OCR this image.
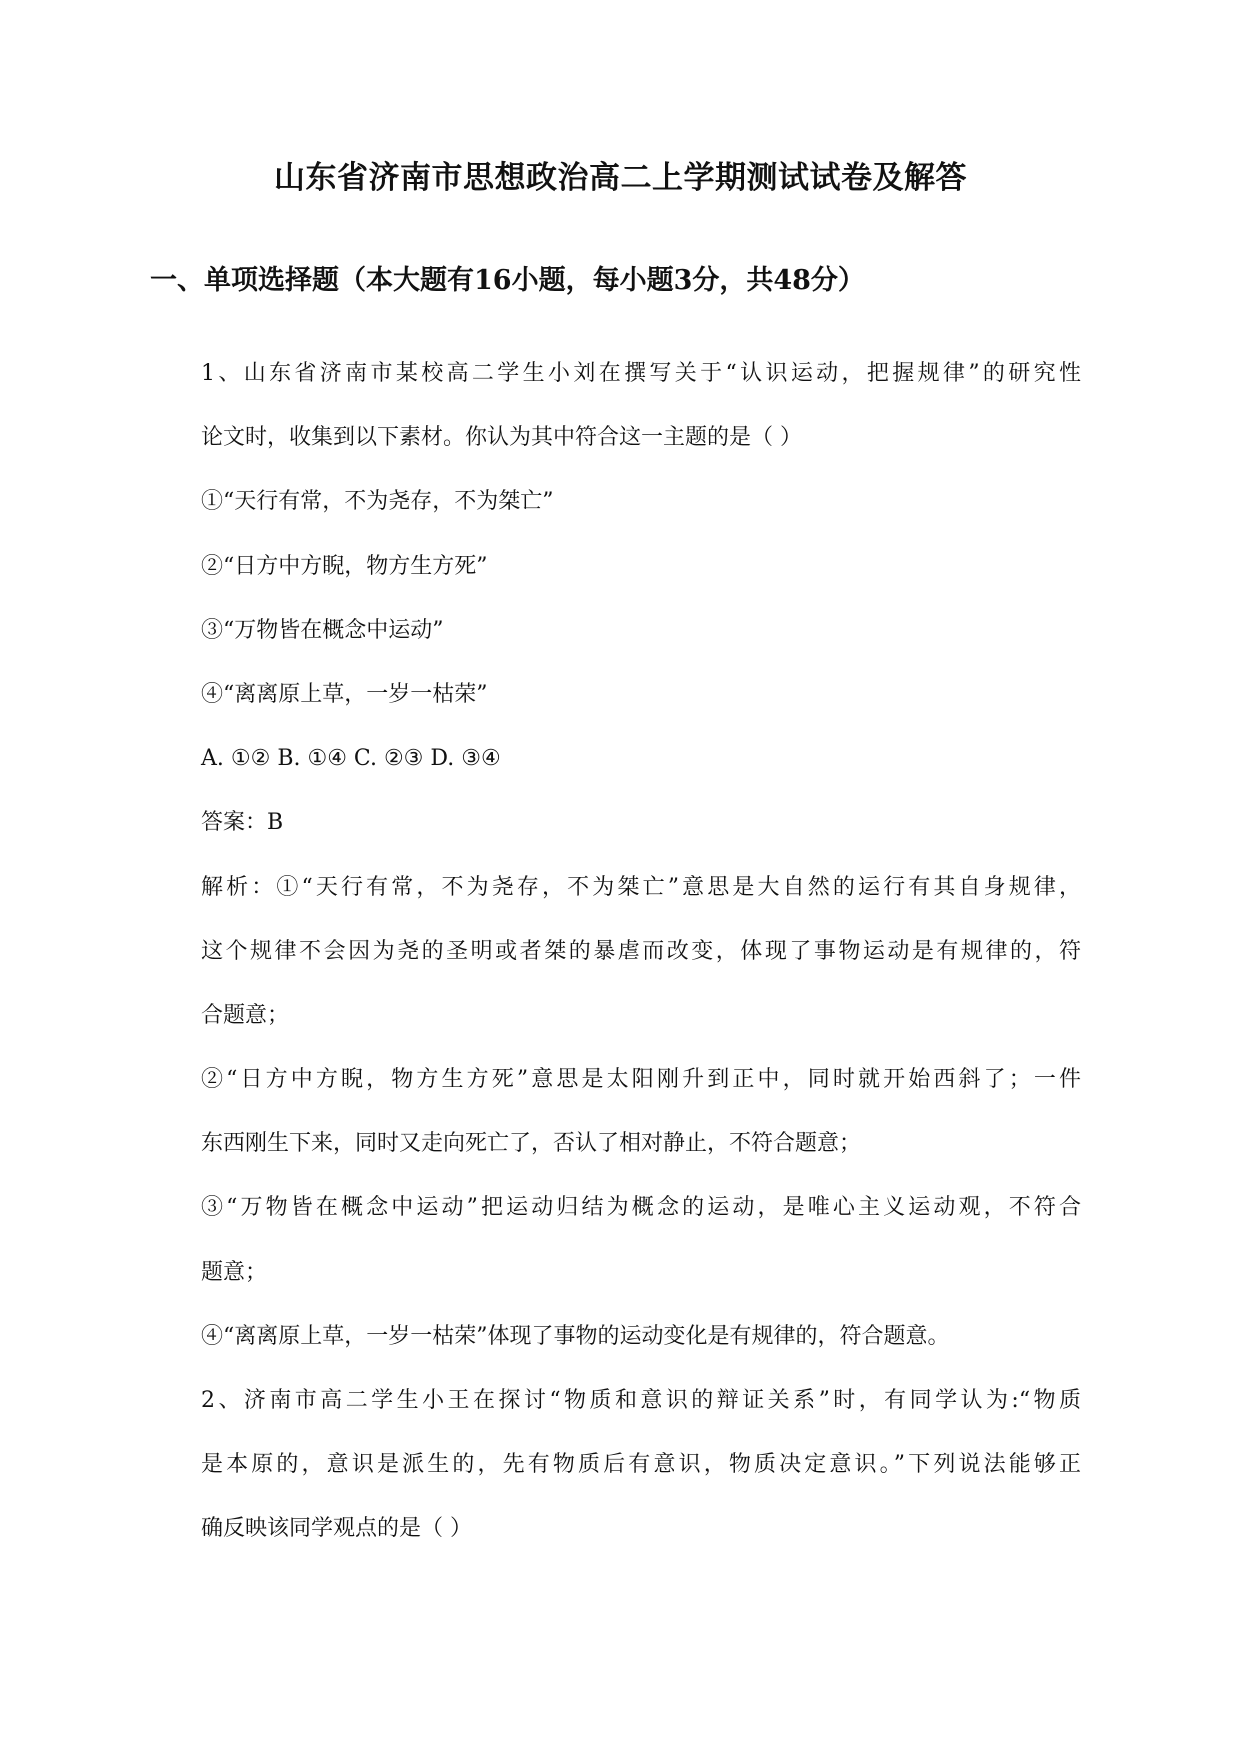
山东省济南市思想政治高二上学期测试试卷及解答
一、单项选择题（本大题有16小题，每小题3分，共48分）

1、山东省济南市某校高二学生小刘在撰写关于“认识运动，把握规律”的研究性

论文时，收集到以下素材。你认为其中符合这一主题的是（ ）

①“天行有常，不为尧存，不为桀亡”

②“日方中方睨，物方生方死”

③“万物皆在概念中运动”

④“离离原上草，一岁一枯荣”

A. ①② B. ①④ C. ②③ D. ③④

答案：B

解析：①“天行有常，不为尧存，不为桀亡”意思是大自然的运行有其自身规律，

这个规律不会因为尧的圣明或者桀的暴虐而改变，体现了事物运动是有规律的，符

合题意；

②“日方中方睨，物方生方死”意思是太阳刚升到正中，同时就开始西斜了；一件

东西刚生下来，同时又走向死亡了，否认了相对静止，不符合题意；

③“万物皆在概念中运动”把运动归结为概念的运动，是唯心主义运动观，不符合

题意；

④“离离原上草，一岁一枯荣”体现了事物的运动变化是有规律的，符合题意。

2、济南市高二学生小王在探讨“物质和意识的辩证关系”时，有同学认为:“物质

是本原的，意识是派生的，先有物质后有意识，物质决定意识。”下列说法能够正

确反映该同学观点的是（ ）
